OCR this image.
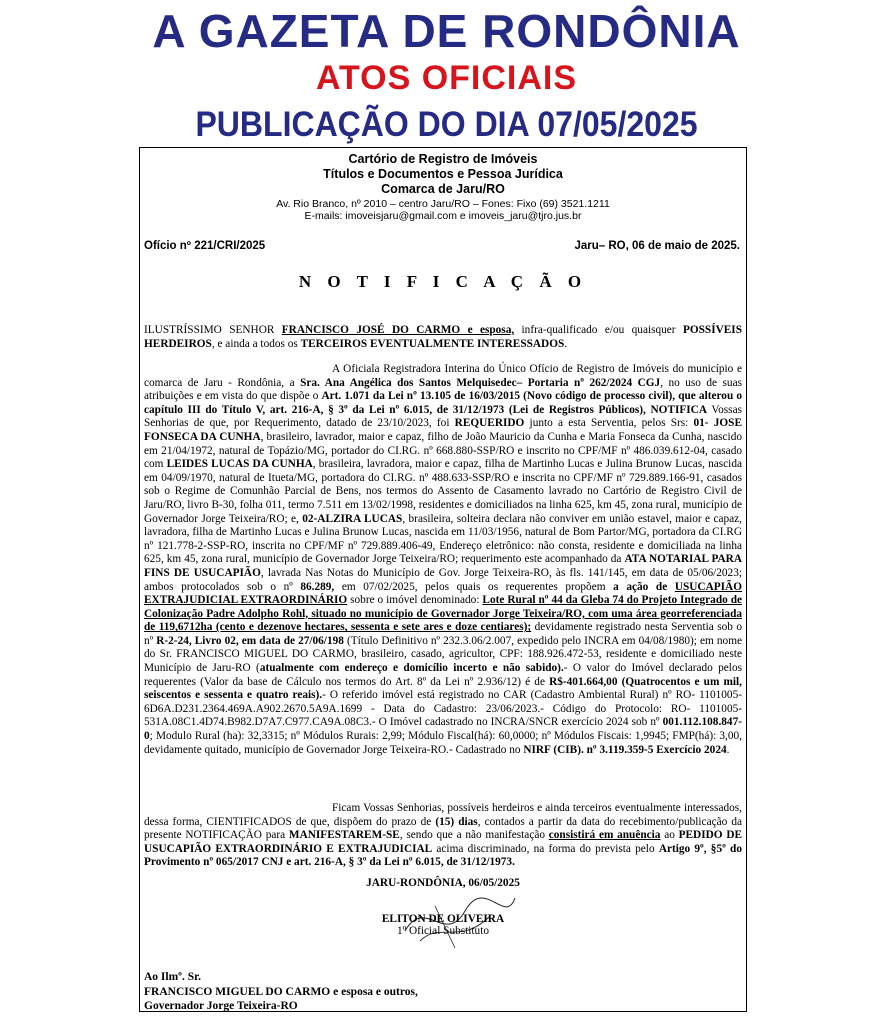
A GAZETA DE RONDÔNIA
ATOS OFICIAIS
PUBLICAÇÃO DO DIA 07/05/2025
Cartório de Registro de Imóveis
Títulos e Documentos e Pessoa Jurídica
Comarca de Jaru/RO
Av. Rio Branco, nº 2010 – centro Jaru/RO – Fones: Fixo (69) 3521.1211
E-mails: imoveisjaru@gmail.com e imoveis_jaru@tjro.jus.br
Ofício nº 221/CRI/2025	Jaru– RO, 06 de maio de 2025.
N O T I F I C A Ç Ã O
ILUSTRÍSSIMO SENHOR FRANCISCO JOSÉ DO CARMO e esposa, infra-qualificado e/ou quaisquer POSSÍVEIS HERDEIROS, e ainda a todos os TERCEIROS EVENTUALMENTE INTERESSADOS.
A Oficiala Registradora Interina do Único Ofício de Registro de Imóveis do município e comarca de Jaru - Rondônia, a Sra. Ana Angélica dos Santos Melquisedec– Portaria nº 262/2024 CGJ, no uso de suas atribuições e em vista do que dispõe o Art. 1.071 da Lei nº 13.105 de 16/03/2015 (Novo código de processo civil), que alterou o capítulo III do Título V, art. 216-A, § 3º da Lei nº 6.015, de 31/12/1973 (Lei de Registros Públicos), NOTIFICA Vossas Senhorias de que, por Requerimento, datado de 23/10/2023, foi REQUERIDO junto a esta Serventia, pelos Srs: 01- JOSE FONSECA DA CUNHA, brasileiro, lavrador, maior e capaz, filho de João Mauricio da Cunha e Maria Fonseca da Cunha, nascido em 21/04/1972, natural de Topázio/MG, portador do CI.RG. nº 668.880-SSP/RO e inscrito no CPF/MF nº 486.039.612-04, casado com LEIDES LUCAS DA CUNHA, brasileira, lavradora, maior e capaz, filha de Martinho Lucas e Julina Brunow Lucas, nascida em 04/09/1970, natural de Itueta/MG, portadora do CI.RG. nº 488.633-SSP/RO e inscrita no CPF/MF nº 729.889.166-91, casados sob o Regime de Comunhão Parcial de Bens, nos termos do Assento de Casamento lavrado no Cartório de Registro Civil de Jaru/RO, livro B-30, folha 011, termo 7.511 em 13/02/1998, residentes e domiciliados na linha 625, km 45, zona rural, município de Governador Jorge Teixeira/RO; e, 02-ALZIRA LUCAS, brasileira, solteira declara não conviver em união estavel, maior e capaz, lavradora, filha de Martinho Lucas e Julina Brunow Lucas, nascida em 11/03/1956, natural de Bom Partor/MG, portadora da CI.RG nº 121.778-2-SSP-RO, inscrita no CPF/MF nº 729.889.406-49, Endereço eletrônico: não consta, residente e domiciliada na linha 625, km 45, zona rural, município de Governador Jorge Teixeira/RO; requerimento este acompanhado da ATA NOTARIAL PARA FINS DE USUCAPIÃO, lavrada Nas Notas do Município de Gov. Jorge Teixeira-RO, às fls. 141/145, em data de 05/06/2023; ambos protocolados sob o nº 86.289, em 07/02/2025, pelos quais os requerentes propõem a ação de USUCAPIÃO EXTRAJUDICIAL EXTRAORDINÁRIO sobre o imóvel denominado: Lote Rural nº 44 da Gleba 74 do Projeto Integrado de Colonização Padre Adolpho Rohl, situado no município de Governador Jorge Teixeira/RO, com uma área georreferenciada de 119,6712ha (cento e dezenove hectares, sessenta e sete ares e doze centiares); devidamente registrado nesta Serventia sob o nº R-2-24, Livro 02, em data de 27/06/198 (Título Definitivo nº 232.3.06/2.007, expedido pelo INCRA em 04/08/1980); em nome do Sr. FRANCISCO MIGUEL DO CARMO, brasileiro, casado, agricultor, CPF: 188.926.472-53, residente e domiciliado neste Município de Jaru-RO (atualmente com endereço e domicílio incerto e não sabido).- O valor do Imóvel declarado pelos requerentes (Valor da base de Cálculo nos termos do Art. 8º da Lei nº 2.936/12) é de R$-401.664,00 (Quatrocentos e um mil, seiscentos e sessenta e quatro reais).- O referido imóvel está registrado no CAR (Cadastro Ambiental Rural) nº RO- 1101005-6D6A.D231.2364.469A.A902.2670.5A9A.1699 - Data do Cadastro: 23/06/2023.- Código do Protocolo: RO- 1101005-531A.08C1.4D74.B982.D7A7.C977.CA9A.08C3.- O Imóvel cadastrado no INCRA/SNCR exercício 2024 sob nº 001.112.108.847-0; Modulo Rural (ha): 32,3315; nº Módulos Rurais: 2,99; Módulo Fiscal(há): 60,0000; nº Módulos Fiscais: 1,9945; FMP(há): 3,00, devidamente quitado, município de Governador Jorge Teixeira-RO.- Cadastrado no NIRF (CIB). nº 3.119.359-5 Exercício 2024.
Ficam Vossas Senhorias, possíveis herdeiros e ainda terceiros eventualmente interessados, dessa forma, CIENTIFICADOS de que, dispõem do prazo de (15) dias, contados a partir da data do recebimento/publicação da presente NOTIFICAÇÃO para MANIFESTAREM-SE, sendo que a não manifestação consistirá em anuência ao PEDIDO DE USUCAPIÃO EXTRAORDINÁRIO E EXTRAJUDICIAL acima discriminado, na forma do prevista pelo Artigo 9º, §5º do Provimento nº 065/2017 CNJ e art. 216-A, § 3º da Lei nº 6.015, de 31/12/1973.
JARU-RONDÔNIA, 06/05/2025
ELITON DE OLIVEIRA
1º Oficial Substituto
Ao Ilmº. Sr.
FRANCISCO MIGUEL DO CARMO e esposa e outros,
Governador Jorge Teixeira-RO
